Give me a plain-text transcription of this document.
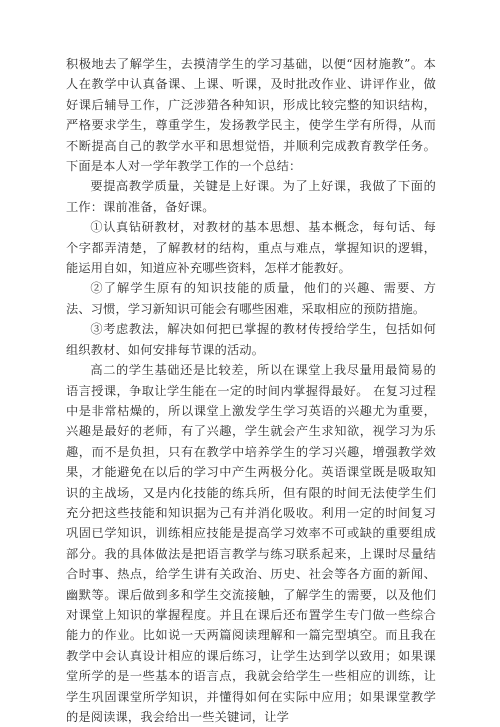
积极地去了解学生，去摸清学生的学习基础，以便“因材施教”。本人在教学中认真备课、上课、听课，及时批改作业、讲评作业，做好课后辅导工作，广泛涉猎各种知识，形成比较完整的知识结构，严格要求学生，尊重学生，发扬教学民主，使学生学有所得，从而不断提高自己的教学水平和思想觉悟，并顺利完成教育教学任务。 下面是本人对一学年教学工作的一个总结：

要提高教学质量，关键是上好课。为了上好课，我做了下面的工作：课前准备，备好课。

①认真钻研教材，对教材的基本思想、基本概念，每句话、每个字都弄清楚，了解教材的结构，重点与难点，掌握知识的逻辑，能运用自如，知道应补充哪些资料，怎样才能教好。

②了解学生原有的知识技能的质量，他们的兴趣、需要、方法、习惯，学习新知识可能会有哪些困难，采取相应的预防措施。

③考虑教法，解决如何把已掌握的教材传授给学生，包括如何组织教材、如何安排每节课的活动。

高二的学生基础还是比较差，所以在课堂上我尽量用最简易的语言授课，争取让学生能在一定的时间内掌握得最好。 在复习过程中是非常枯燥的，所以课堂上激发学生学习英语的兴趣尤为重要，兴趣是最好的老师，有了兴趣，学生就会产生求知欲，视学习为乐趣，而不是负担，只有在教学中培养学生的学习兴趣，增强教学效果，才能避免在以后的学习中产生两极分化。英语课堂既是吸取知识的主战场，又是内化技能的练兵所，但有限的时间无法使学生们充分把这些技能和知识据为己有并消化吸收。利用一定的时间复习巩固已学知识，训练相应技能是提高学习效率不可或缺的重要组成部分。我的具体做法是把语言教学与练习联系起来，上课时尽量结合时事、热点，给学生讲有关政治、历史、社会等各方面的新闻、幽默等。课后做到多和学生交流接触，了解学生的需要，以及他们对课堂上知识的掌握程度。并且在课后还布置学生专门做一些综合能力的作业。比如说一天两篇阅读理解和一篇完型填空。而且我在教学中会认真设计相应的课后练习，让学生达到学以致用；如果课堂所学的是一些基本的语言点，我就会给学生一些相应的训练，让学生巩固课堂所学知识，并懂得如何在实际中应用；如果课堂教学的是阅读课，我会给出一些关键词，让学
